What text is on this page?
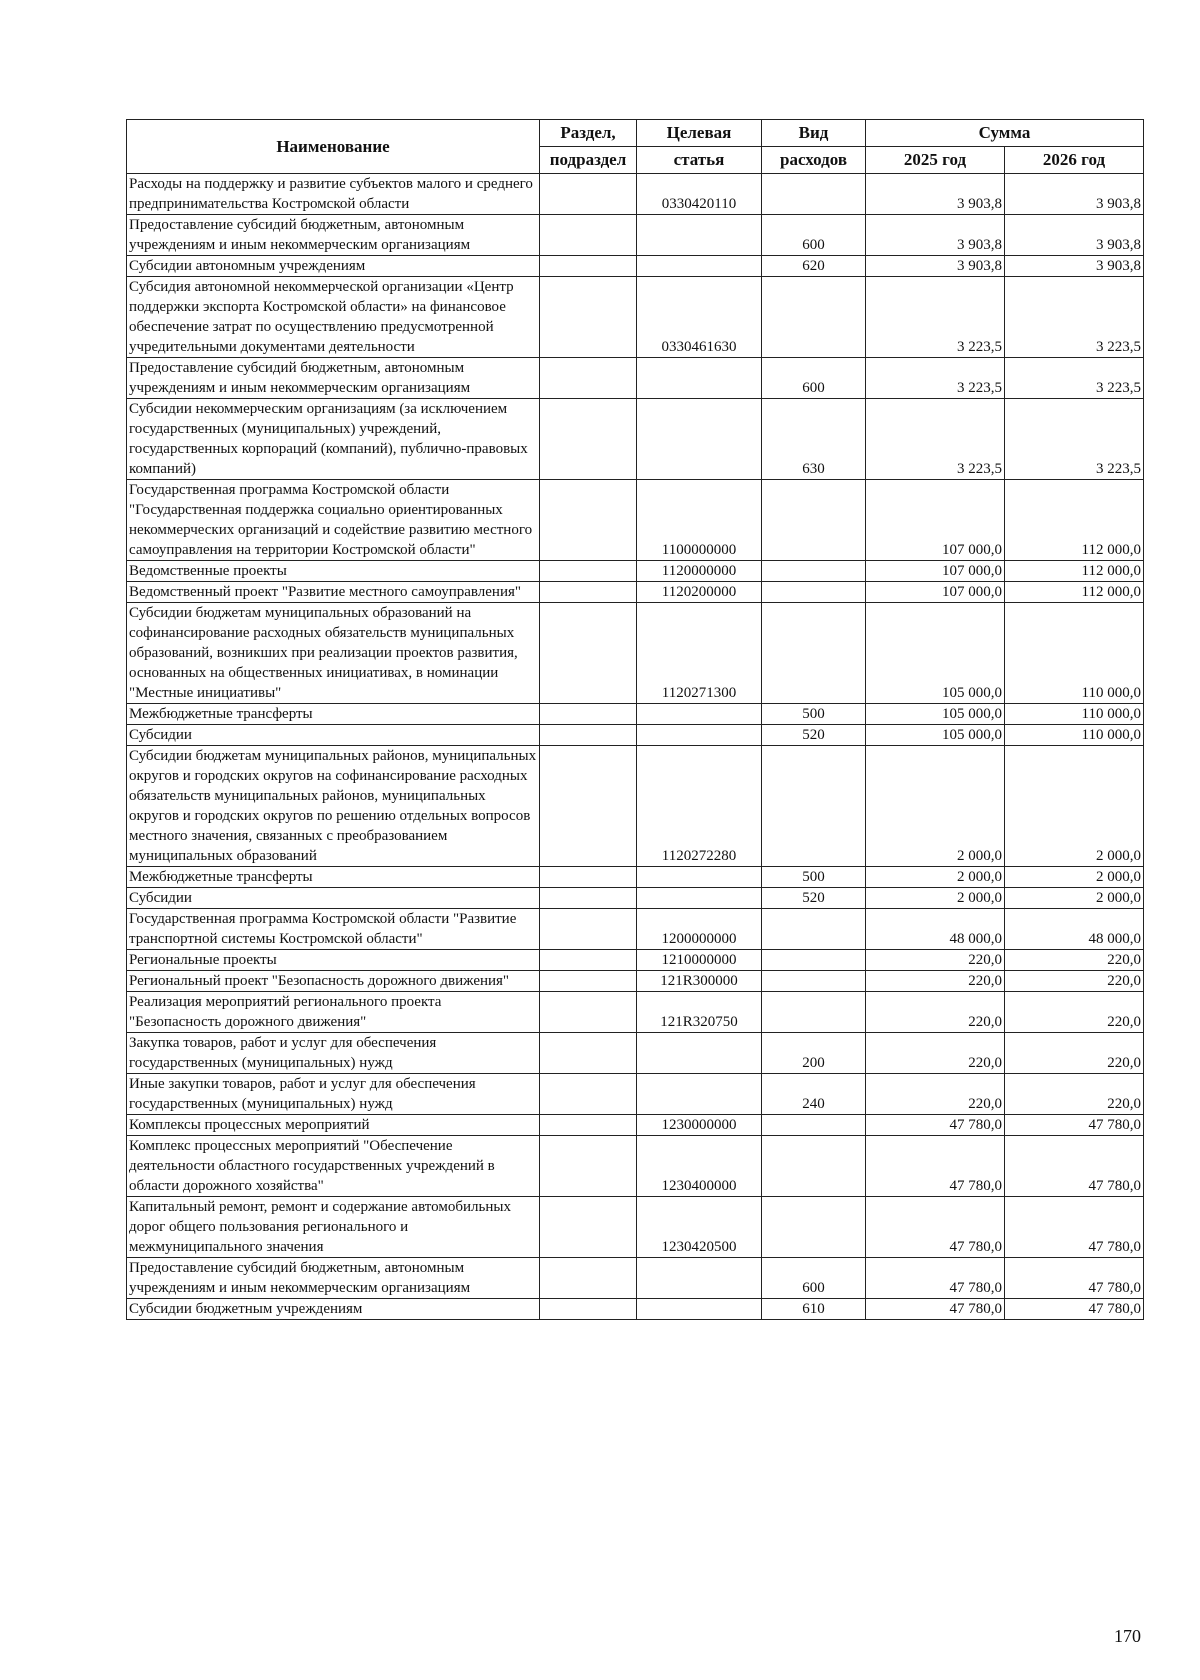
Наименование	Раздел,	Целевая	Вид	Сумма	
	подраздел	статья	расходов	2025 год	2026 год
Расходы на поддержку и развитие субъектов малого и среднего предпринимательства Костромской области		0330420110		3 903,8	3 903,8
Предоставление субсидий бюджетным, автономным учреждениям и иным некоммерческим организациям			600	3 903,8	3 903,8
Субсидии автономным учреждениям			620	3 903,8	3 903,8
Субсидия автономной некоммерческой организации «Центр поддержки экспорта Костромской области» на финансовое обеспечение затрат по осуществлению предусмотренной учредительными документами деятельности		0330461630		3 223,5	3 223,5
Предоставление субсидий бюджетным, автономным учреждениям и иным некоммерческим организациям			600	3 223,5	3 223,5
Субсидии некоммерческим организациям (за исключением государственных (муниципальных) учреждений, государственных корпораций (компаний), публично-правовых компаний)			630	3 223,5	3 223,5
Государственная программа Костромской области "Государственная поддержка социально ориентированных некоммерческих организаций и содействие развитию местного самоуправления на территории Костромской области"		1100000000		107 000,0	112 000,0
Ведомственные проекты		1120000000		107 000,0	112 000,0
Ведомственный проект "Развитие местного самоуправления"		1120200000		107 000,0	112 000,0
Субсидии бюджетам муниципальных образований на софинансирование расходных обязательств муниципальных образований, возникших при реализации проектов развития, основанных на общественных инициативах, в номинации "Местные инициативы"		1120271300		105 000,0	110 000,0
Межбюджетные трансферты			500	105 000,0	110 000,0
Субсидии			520	105 000,0	110 000,0
Субсидии бюджетам муниципальных районов, муниципальных округов и городских округов на софинансирование расходных обязательств муниципальных районов, муниципальных округов и городских округов по решению отдельных вопросов местного значения, связанных с преобразованием муниципальных образований		1120272280		2 000,0	2 000,0
Межбюджетные трансферты			500	2 000,0	2 000,0
Субсидии			520	2 000,0	2 000,0
Государственная программа Костромской области "Развитие транспортной системы Костромской области"		1200000000		48 000,0	48 000,0
Региональные проекты		1210000000		220,0	220,0
Региональный проект "Безопасность дорожного движения"		121R300000		220,0	220,0
Реализация мероприятий регионального проекта "Безопасность дорожного движения"		121R320750		220,0	220,0
Закупка товаров, работ и услуг для обеспечения государственных (муниципальных) нужд			200	220,0	220,0
Иные закупки товаров, работ и услуг для обеспечения государственных (муниципальных) нужд			240	220,0	220,0
Комплексы процессных мероприятий		1230000000		47 780,0	47 780,0
Комплекс процессных мероприятий "Обеспечение деятельности областного государственных учреждений в области дорожного хозяйства"		1230400000		47 780,0	47 780,0
Капитальный ремонт, ремонт и содержание автомобильных дорог общего пользования регионального и межмуниципального значения		1230420500		47 780,0	47 780,0
Предоставление субсидий бюджетным, автономным учреждениям и иным некоммерческим организациям			600	47 780,0	47 780,0
Субсидии бюджетным учреждениям			610	47 780,0	47 780,0
170
